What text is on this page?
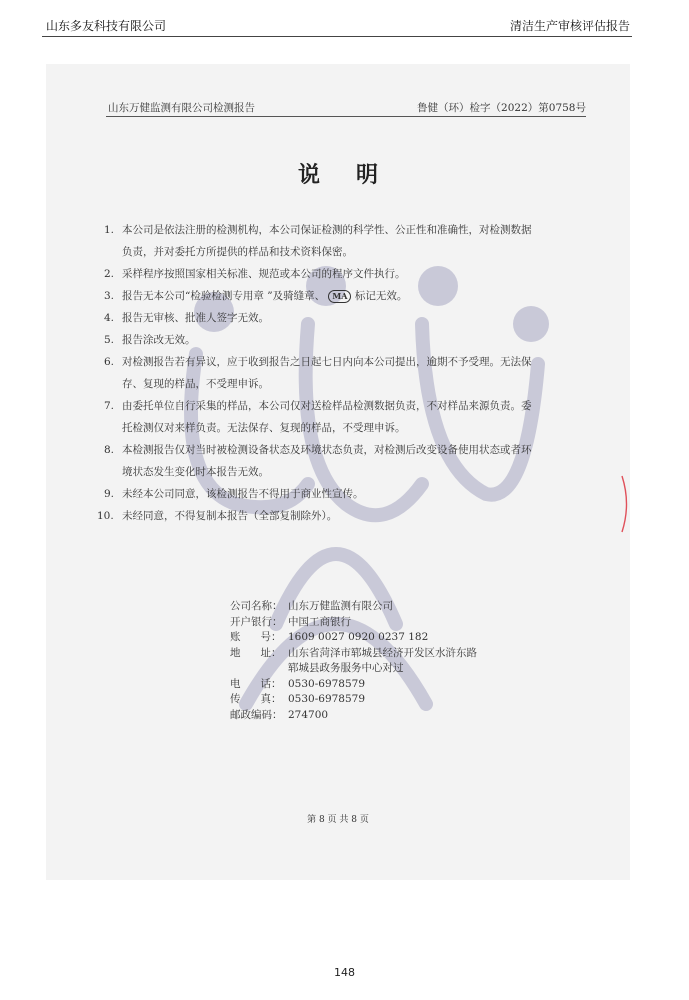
山东多友科技有限公司	清洁生产审核评估报告
山东万健监测有限公司检测报告	鲁健（环）检字（2022）第0758号
说明
1. 本公司是依法注册的检测机构，本公司保证检测的科学性、公正性和准确性，对检测数据
负责，并对委托方所提供的样品和技术资料保密。
2. 采样程序按照国家相关标准、规范或本公司的程序文件执行。
3. 报告无本公司“检验检测专用章 ”及骑缝章、 MA 标记无效。
4. 报告无审核、批准人签字无效。
5. 报告涂改无效。
6. 对检测报告若有异议，应于收到报告之日起七日内向本公司提出，逾期不予受理。无法保
存、复现的样品，不受理申诉。
7. 由委托单位自行采集的样品，本公司仅对送检样品检测数据负责，不对样品来源负责。委
托检测仅对来样负责。无法保存、复现的样品，不受理申诉。
8. 本检测报告仅对当时被检测设备状态及环境状态负责，对检测后改变设备使用状态或者环
境状态发生变化时本报告无效。
9. 未经本公司同意，该检测报告不得用于商业性宣传。
10. 未经同意，不得复制本报告（全部复制除外）。
公司名称： 山东万健监测有限公司
开户银行： 中国工商银行
账      号： 1609 0027 0920 0237 182
地      址： 山东省菏泽市郓城县经济开发区水浒东路
郓城县政务服务中心对过
电      话： 0530-6978579
传      真： 0530-6978579
邮政编码： 274700
第 8 页 共 8 页
148
